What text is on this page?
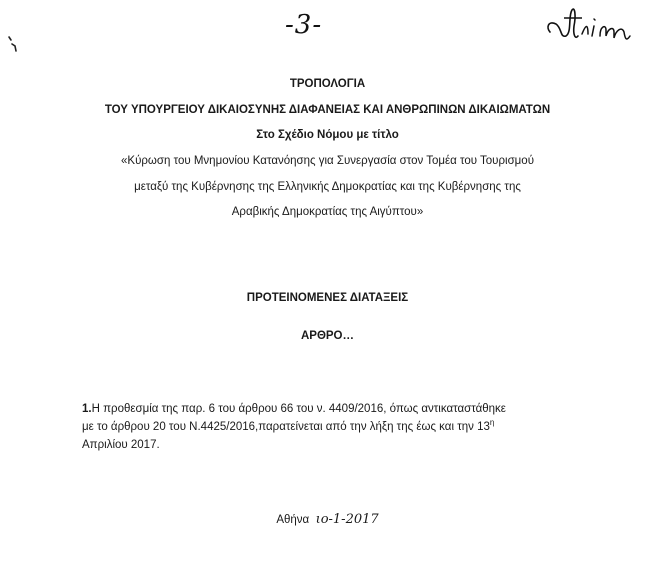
-3-
ΤΡΟΠΟΛΟΓΙΑ
ΤΟΥ ΥΠΟΥΡΓΕΙΟΥ ΔΙΚΑΙΟΣΥΝΗΣ ΔΙΑΦΑΝΕΙΑΣ ΚΑΙ ΑΝΘΡΩΠΙΝΩΝ ΔΙΚΑΙΩΜΑΤΩΝ
Στο Σχέδιο Νόμου με τίτλο
«Κύρωση του Μνημονίου Κατανόησης για Συνεργασία στον Τομέα του Τουρισμού
μεταξύ της Κυβέρνησης της Ελληνικής Δημοκρατίας και της Κυβέρνησης της
Αραβικής Δημοκρατίας της Αιγύπτου»
ΠΡΟΤΕΙΝΟΜΕΝΕΣ ΔΙΑΤΑΞΕΙΣ
ΑΡΘΡΟ…
1.Η προθεσμία της παρ. 6 του άρθρου 66 του ν. 4409/2016, όπως αντικαταστάθηκε
με το άρθρου 20 του Ν.4425/2016,παρατείνεται από την λήξη της έως και την $13^\eta$
Απριλίου 2017.
Αθήνα ιο-1-2017
